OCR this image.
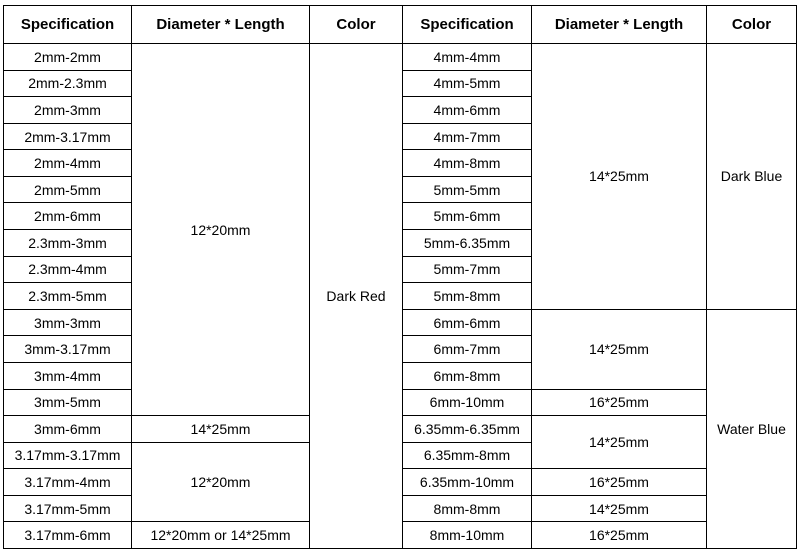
Specification	Diameter * Length	Color	Specification	Diameter * Length	Color
2mm-2mm	12*20mm	Dark Red	4mm-4mm	14*25mm	Dark Blue
2mm-2.3mm			4mm-5mm		
2mm-3mm			4mm-6mm		
2mm-3.17mm			4mm-7mm		
2mm-4mm			4mm-8mm		
2mm-5mm			5mm-5mm		
2mm-6mm			5mm-6mm		
2.3mm-3mm			5mm-6.35mm		
2.3mm-4mm			5mm-7mm		
2.3mm-5mm			5mm-8mm		
3mm-3mm			6mm-6mm	14*25mm	Water Blue
3mm-3.17mm			6mm-7mm		
3mm-4mm			6mm-8mm		
3mm-5mm			6mm-10mm	16*25mm	
3mm-6mm	14*25mm		6.35mm-6.35mm	14*25mm	
3.17mm-3.17mm	12*20mm		6.35mm-8mm		
3.17mm-4mm			6.35mm-10mm	16*25mm	
3.17mm-5mm			8mm-8mm	14*25mm	
3.17mm-6mm	12*20mm or 14*25mm		8mm-10mm	16*25mm	
